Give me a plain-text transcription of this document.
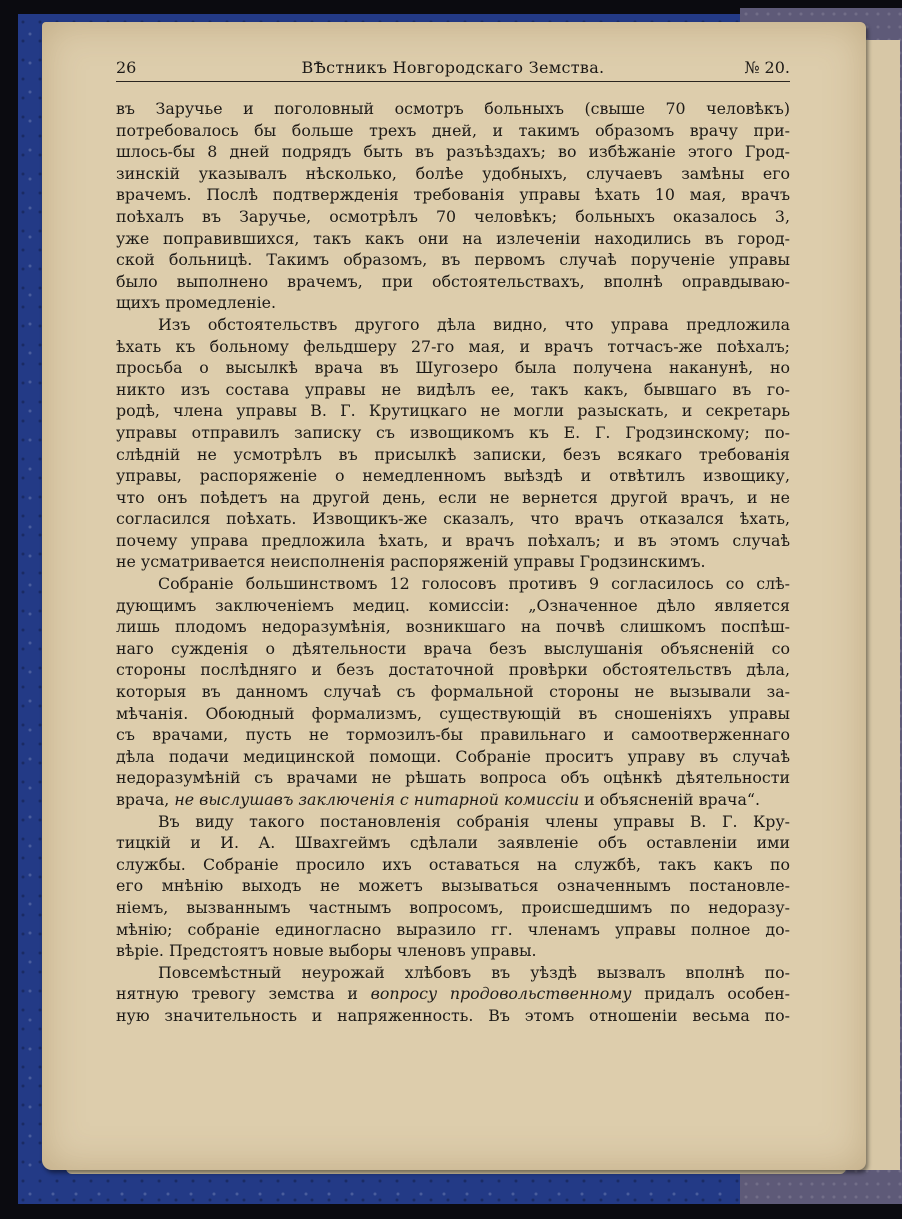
26	ВѢстникъ Новгородскаго Земства.	№ 20.
въ Заручье и поголовный осмотръ больныхъ (свыше 70 человѣкъ)
потребовалось бы больше трехъ дней, и такимъ образомъ врачу при-
шлось-бы 8 дней подрядъ быть въ разъѣздахъ; во избѣжаніе этого Грод-
зинскій указывалъ нѣсколько, болѣе удобныхъ, случаевъ замѣны его
врачемъ. Послѣ подтвержденія требованія управы ѣхать 10 мая, врачъ
поѣхалъ въ Заручье, осмотрѣлъ 70 человѣкъ; больныхъ оказалось 3,
уже поправившихся, такъ какъ они на излеченіи находились въ город-
ской больницѣ. Такимъ образомъ, въ первомъ случаѣ порученіе управы
было выполнено врачемъ, при обстоятельствахъ, вполнѣ оправдываю-
щихъ промедленіе.
Изъ обстоятельствъ другого дѣла видно, что управа предложила
ѣхать къ больному фельдшеру 27-го мая, и врачъ тотчасъ-же поѣхалъ;
просьба о высылкѣ врача въ Шугозеро была получена наканунѣ, но
никто изъ состава управы не видѣлъ ее, такъ какъ, бывшаго въ го-
родѣ, члена управы В. Г. Крутицкаго не могли разыскать, и секретарь
управы отправилъ записку съ извощикомъ къ Е. Г. Гродзинскому; по-
слѣдній не усмотрѣлъ въ присылкѣ записки, безъ всякаго требованія
управы, распоряженіе о немедленномъ выѣздѣ и отвѣтилъ извощику,
что онъ поѣдетъ на другой день, если не вернется другой врачъ, и не
согласился поѣхать. Извощикъ-же сказалъ, что врачъ отказался ѣхать,
почему управа предложила ѣхать, и врачъ поѣхалъ; и въ этомъ случаѣ
не усматривается неисполненія распоряженій управы Гродзинскимъ.
Собраніе большинствомъ 12 голосовъ противъ 9 согласилось со слѣ-
дующимъ заключеніемъ медиц. комиссіи: „Означенное дѣло является
лишь плодомъ недоразумѣнія, возникшаго на почвѣ слишкомъ поспѣш-
наго сужденія о дѣятельности врача безъ выслушанія объясненій со
стороны послѣдняго и безъ достаточной провѣрки обстоятельствъ дѣла,
которыя въ данномъ случаѣ съ формальной стороны не вызывали за-
мѣчанія. Обоюдный формализмъ, существующій въ сношеніяхъ управы
съ врачами, пусть не тормозилъ-бы правильнаго и самоотверженнаго
дѣла подачи медицинской помощи. Собраніе проситъ управу въ случаѣ
недоразумѣній съ врачами не рѣшать вопроса объ оцѣнкѣ дѣятельности
врача, не выслушавъ заключенія с нитарной комиссіи и объясненій врача“.
Въ виду такого постановленія собранія члены управы В. Г. Кру-
тицкій и И. А. Швахгеймъ сдѣлали заявленіе объ оставленіи ими
службы. Собраніе просило ихъ оставаться на службѣ, такъ какъ по
его мнѣнію выходъ не можетъ вызываться означеннымъ постановле-
ніемъ, вызваннымъ частнымъ вопросомъ, происшедшимъ по недоразу-
мѣнію; собраніе единогласно выразило гг. членамъ управы полное до-
вѣріе. Предстоятъ новые выборы членовъ управы.
Повсемѣстный неурожай хлѣбовъ въ уѣздѣ вызвалъ вполнѣ по-
нятную тревогу земства и вопросу продовольственному придалъ особен-
ную значительность и напряженность. Въ этомъ отношеніи весьма по-
